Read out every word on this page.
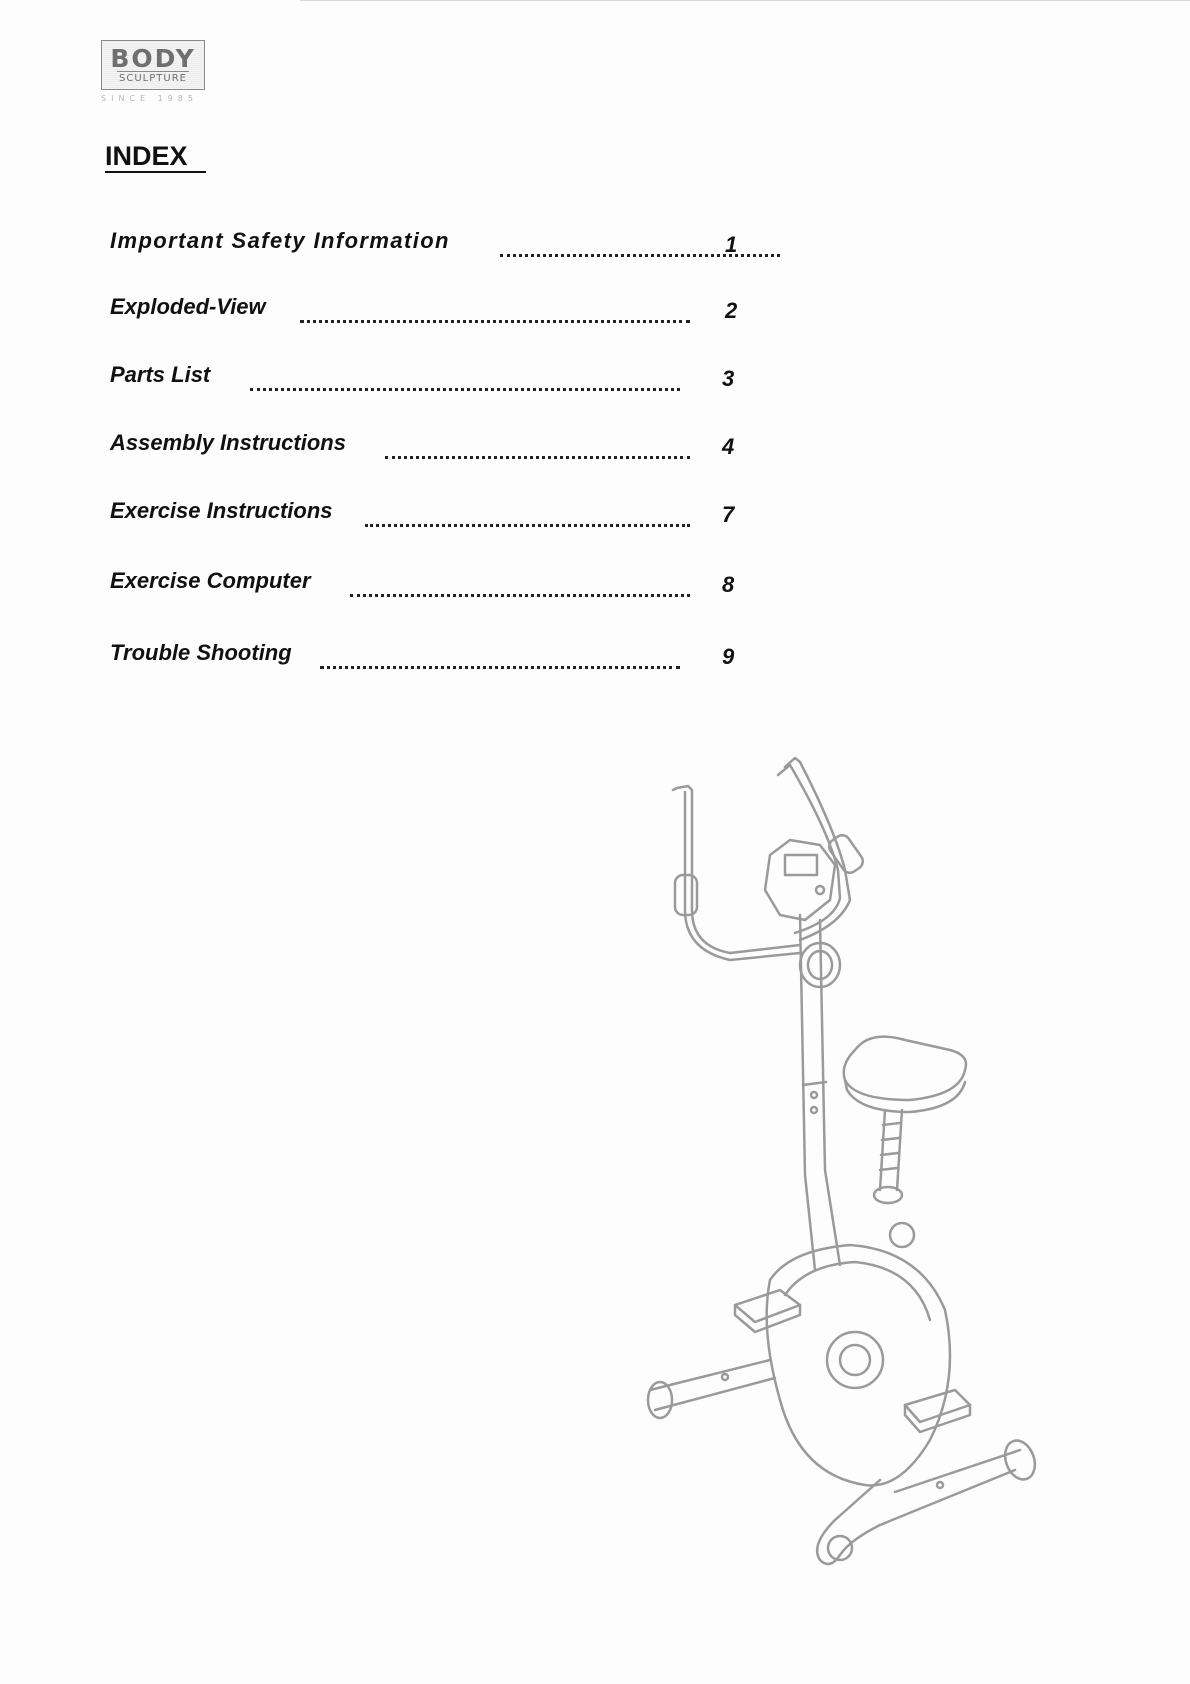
BODY
SCULPTURE
SINCE 1985
INDEX
Important Safety Information	1
Exploded-View	2
Parts List	3
Assembly Instructions	4
Exercise Instructions	7
Exercise Computer	8
Trouble Shooting	9
